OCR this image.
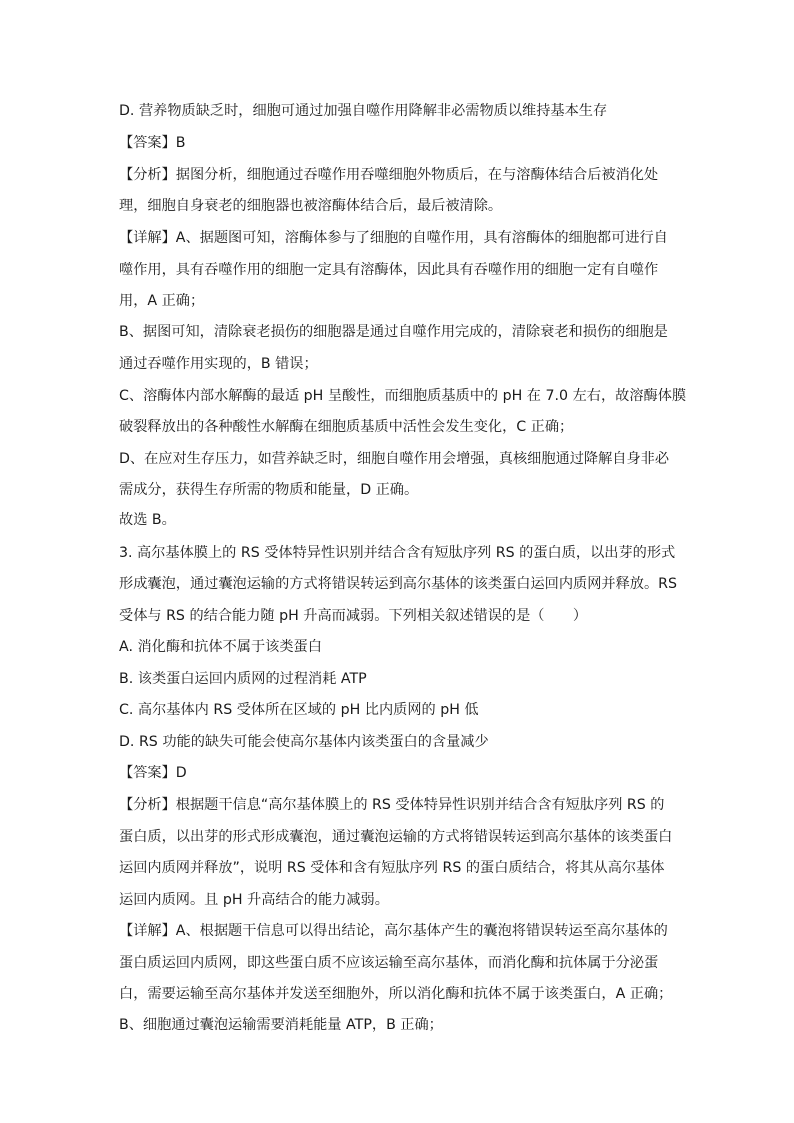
D. 营养物质缺乏时，细胞可通过加强自噬作用降解非必需物质以维持基本生存
【答案】B
【分析】据图分析，细胞通过吞噬作用吞噬细胞外物质后，在与溶酶体结合后被消化处
理，细胞自身衰老的细胞器也被溶酶体结合后，最后被清除。
【详解】A、据题图可知，溶酶体参与了细胞的自噬作用，具有溶酶体的细胞都可进行自
噬作用，具有吞噬作用的细胞一定具有溶酶体，因此具有吞噬作用的细胞一定有自噬作
用，A 正确；
B、据图可知，清除衰老损伤的细胞器是通过自噬作用完成的，清除衰老和损伤的细胞是
通过吞噬作用实现的，B 错误；
C、溶酶体内部水解酶的最适 pH 呈酸性，而细胞质基质中的 pH 在 7.0 左右，故溶酶体膜
破裂释放出的各种酸性水解酶在细胞质基质中活性会发生变化，C 正确；
D、在应对生存压力，如营养缺乏时，细胞自噬作用会增强，真核细胞通过降解自身非必
需成分，获得生存所需的物质和能量，D 正确。
故选 B。
3. 高尔基体膜上的 RS 受体特异性识别并结合含有短肽序列 RS 的蛋白质，以出芽的形式
形成囊泡，通过囊泡运输的方式将错误转运到高尔基体的该类蛋白运回内质网并释放。RS
受体与 RS 的结合能力随 pH 升高而减弱。下列相关叙述错误的是（　　）
A. 消化酶和抗体不属于该类蛋白
B. 该类蛋白运回内质网的过程消耗 ATP
C. 高尔基体内 RS 受体所在区域的 pH 比内质网的 pH 低
D. RS 功能的缺失可能会使高尔基体内该类蛋白的含量减少
【答案】D
【分析】根据题干信息“高尔基体膜上的 RS 受体特异性识别并结合含有短肽序列 RS 的
蛋白质，以出芽的形式形成囊泡，通过囊泡运输的方式将错误转运到高尔基体的该类蛋白
运回内质网并释放”，说明 RS 受体和含有短肽序列 RS 的蛋白质结合，将其从高尔基体
运回内质网。且 pH 升高结合的能力减弱。
【详解】A、根据题干信息可以得出结论，高尔基体产生的囊泡将错误转运至高尔基体的
蛋白质运回内质网，即这些蛋白质不应该运输至高尔基体，而消化酶和抗体属于分泌蛋
白，需要运输至高尔基体并发送至细胞外，所以消化酶和抗体不属于该类蛋白，A 正确；
B、细胞通过囊泡运输需要消耗能量 ATP，B 正确；
